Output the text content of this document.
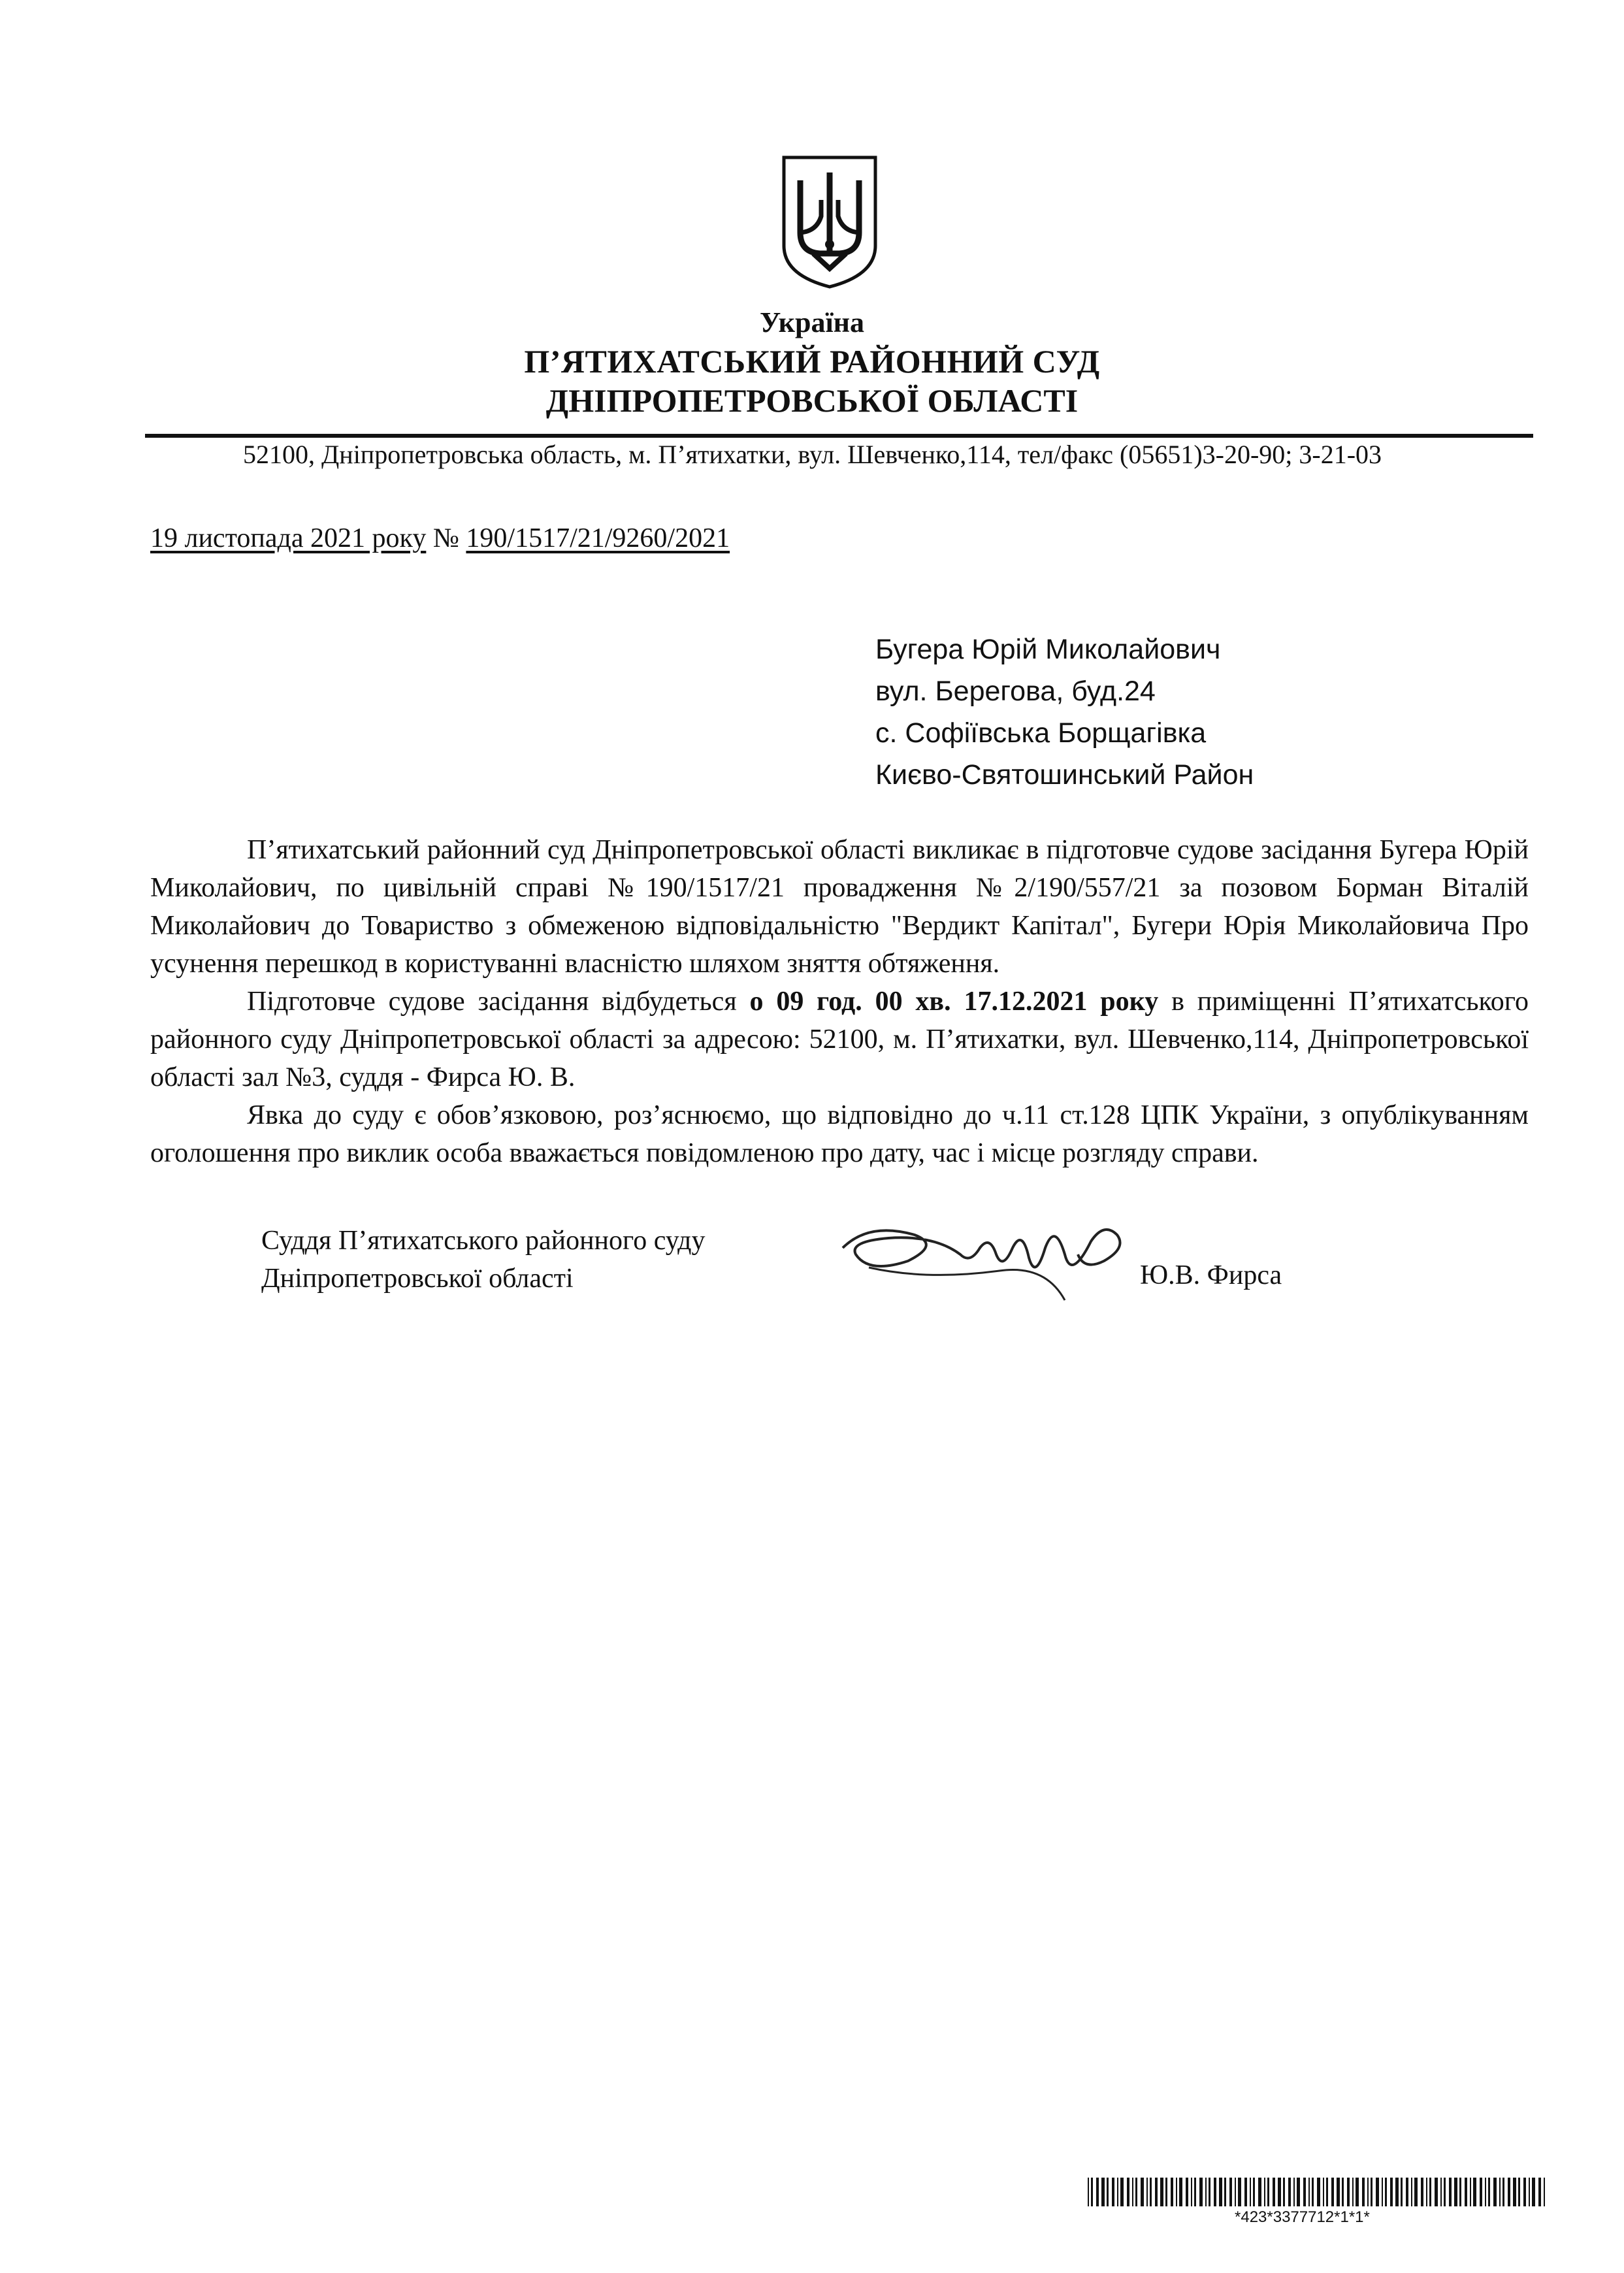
Україна
П’ЯТИХАТСЬКИЙ РАЙОННИЙ СУД
ДНІПРОПЕТРОВСЬКОЇ ОБЛАСТІ
52100, Дніпропетровська область, м. П’ятихатки, вул. Шевченко,114, тел/факс (05651)3-20-90; 3-21-03
19 листопада 2021 року № 190/1517/21/9260/2021
Бугера Юрій Миколайович
вул. Берегова, буд.24
с. Софіївська Борщагівка
Києво-Святошинський Район

П’ятихатський районний суд Дніпропетровської області викликає в підготовче судове засідання Бугера Юрій Миколайович, по цивільній справі №190/1517/21 провадження №2/190/557/21 за позовом Борман Віталій Миколайович до Товариство з обмеженою відповідальністю "Вердикт Капітал", Бугери Юрія Миколайовича Про усунення перешкод в користуванні власністю шляхом зняття обтяження.

Підготовче судове засідання відбудеться о 09 год. 00 хв. 17.12.2021 року в приміщенні П’ятихатського районного суду Дніпропетровської області за адресою: 52100, м. П’ятихатки, вул. Шевченко,114, Дніпропетровської області зал №3, суддя - Фирса Ю. В.

Явка до суду є обов’язковою, роз’яснюємо, що відповідно до ч.11 ст.128 ЦПК України, з опублікуванням оголошення про виклик особа вважається повідомленою про дату, час і місце розгляду справи.

Суддя П’ятихатського районного суду
Дніпропетровської області	Ю.В. Фирса
*423*3377712*1*1*
